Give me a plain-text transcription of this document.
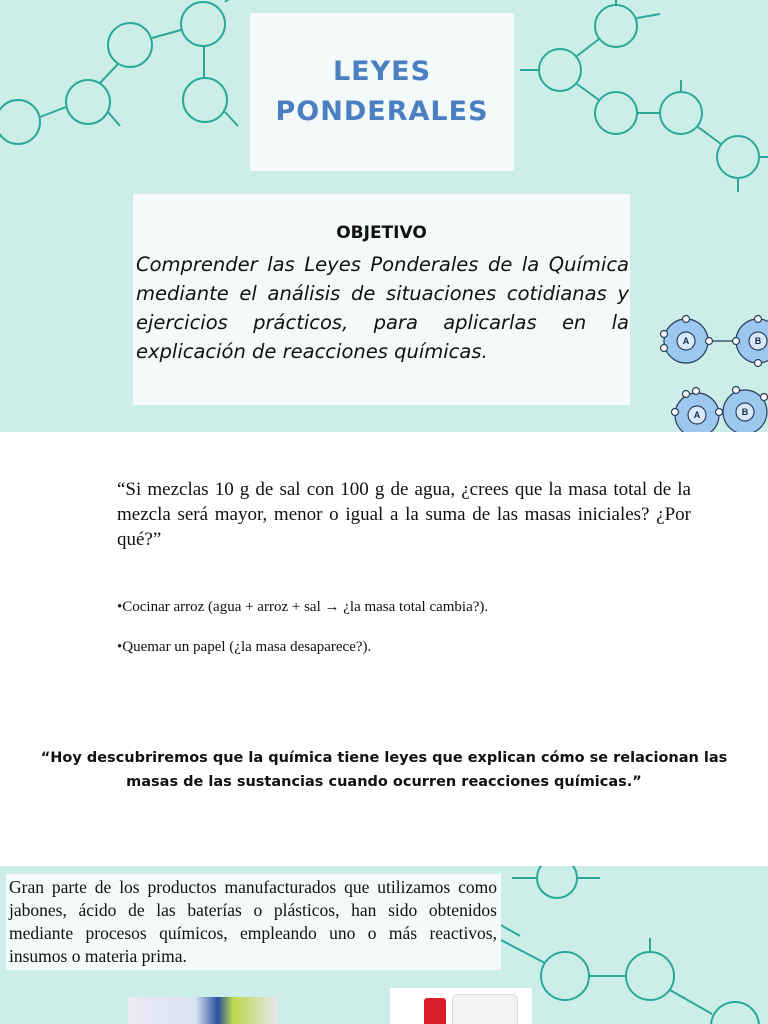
LEYES
PONDERALES
OBJETIVO

Comprender las Leyes Ponderales de la Química mediante el análisis de situaciones cotidianas y ejercicios prácticos, para aplicarlas en la explicación de reacciones químicas.	A	B
A	B

“Si mezclas 10 g de sal con 100 g de agua, ¿crees que la masa total de la mezcla será mayor, menor o igual a la suma de las masas iniciales? ¿Por qué?”

•Cocinar arroz (agua + arroz + sal → ¿la masa total cambia?).

•Quemar un papel (¿la masa desaparece?).

“Hoy descubriremos que la química tiene leyes que explican cómo se relacionan las masas de las sustancias cuando ocurren reacciones químicas.”

Gran parte de los productos manufacturados que utilizamos como jabones, ácido de las baterías o plásticos, han sido obtenidos mediante procesos químicos, empleando uno o más reactivos, insumos o materia prima.
